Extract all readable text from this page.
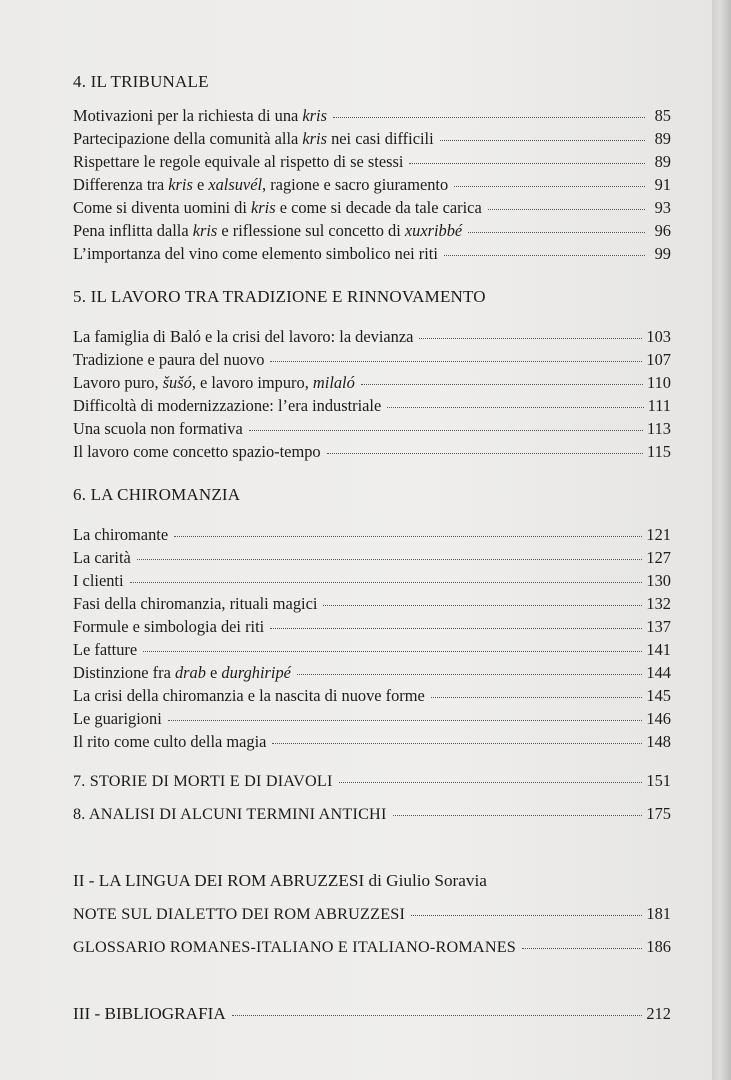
4. IL TRIBUNALE
Motivazioni per la richiesta di una kris	85
Partecipazione della comunità alla kris nei casi difficili	89
Rispettare le regole equivale al rispetto di se stessi	89
Differenza tra kris e xalsuvél, ragione e sacro giuramento	91
Come si diventa uomini di kris e come si decade da tale carica	93
Pena inflitta dalla kris e riflessione sul concetto di xuxribbé	96
L’importanza del vino come elemento simbolico nei riti	99
5. IL LAVORO TRA TRADIZIONE E RINNOVAMENTO
La famiglia di Baló e la crisi del lavoro: la devianza	103
Tradizione e paura del nuovo	107
Lavoro puro, šušó, e lavoro impuro, milaló	110
Difficoltà di modernizzazione: l’era industriale	111
Una scuola non formativa	113
Il lavoro come concetto spazio-tempo	115
6. LA CHIROMANZIA
La chiromante	121
La carità	127
I clienti	130
Fasi della chiromanzia, rituali magici	132
Formule e simbologia dei riti	137
Le fatture	141
Distinzione fra drab e durghiripé	144
La crisi della chiromanzia e la nascita di nuove forme	145
Le guarigioni	146
Il rito come culto della magia	148
7. STORIE DI MORTI E DI DIAVOLI	151
8. ANALISI DI ALCUNI TERMINI ANTICHI	175
II - LA LINGUA DEI ROM ABRUZZESI di Giulio Soravia
NOTE SUL DIALETTO DEI ROM ABRUZZESI	181
GLOSSARIO ROMANES-ITALIANO E ITALIANO-ROMANES	186
III - BIBLIOGRAFIA	212
